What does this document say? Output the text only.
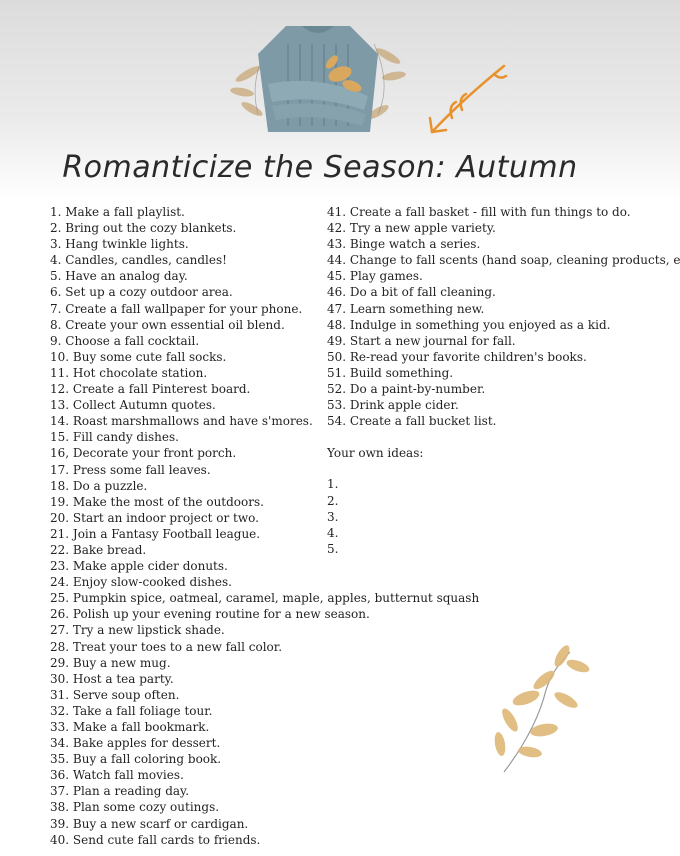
Romanticize the Season: Autumn
1. Make a fall playlist.
2. Bring out the cozy blankets.
3. Hang twinkle lights.
4. Candles, candles, candles!
5. Have an analog day.
6. Set up a cozy outdoor area.
7. Create a fall wallpaper for your phone.
8. Create your own essential oil blend.
9. Choose a fall cocktail.
10. Buy some cute fall socks.
11. Hot chocolate station.
12. Create a fall Pinterest board.
13. Collect Autumn quotes.
14. Roast marshmallows and have s'mores.
15. Fill candy dishes.
16, Decorate your front porch.
17. Press some fall leaves.
18. Do a puzzle.
19. Make the most of the outdoors.
20. Start an indoor project or two.
21. Join a Fantasy Football league.
22. Bake bread.
23. Make apple cider donuts.
24. Enjoy slow-cooked dishes.
25. Pumpkin spice, oatmeal, caramel, maple, apples, butternut squash
26. Polish up your evening routine for a new season.
27. Try a new lipstick shade.
28. Treat your toes to a new fall color.
29. Buy a new mug.
30. Host a tea party.
31. Serve soup often.
32. Take a fall foliage tour.
33. Make a fall bookmark.
34. Bake apples for dessert.
35. Buy a fall coloring book.
36. Watch fall movies.
37. Plan a reading day.
38. Plan some cozy outings.
39. Buy a new scarf or cardigan.
40. Send cute fall cards to friends.
41. Create a fall basket - fill with fun things to do.
42. Try a new apple variety.
43. Binge watch a series.
44. Change to fall scents (hand soap, cleaning products, e
45. Play games.
46. Do a bit of fall cleaning.
47. Learn something new.
48. Indulge in something you enjoyed as a kid.
49. Start a new journal for fall.
50. Re-read your favorite children's books.
51. Build something.
52. Do a paint-by-number.
53. Drink apple cider.
54. Create a fall bucket list.
Your own ideas:
1.
2.
3.
4.
5.
